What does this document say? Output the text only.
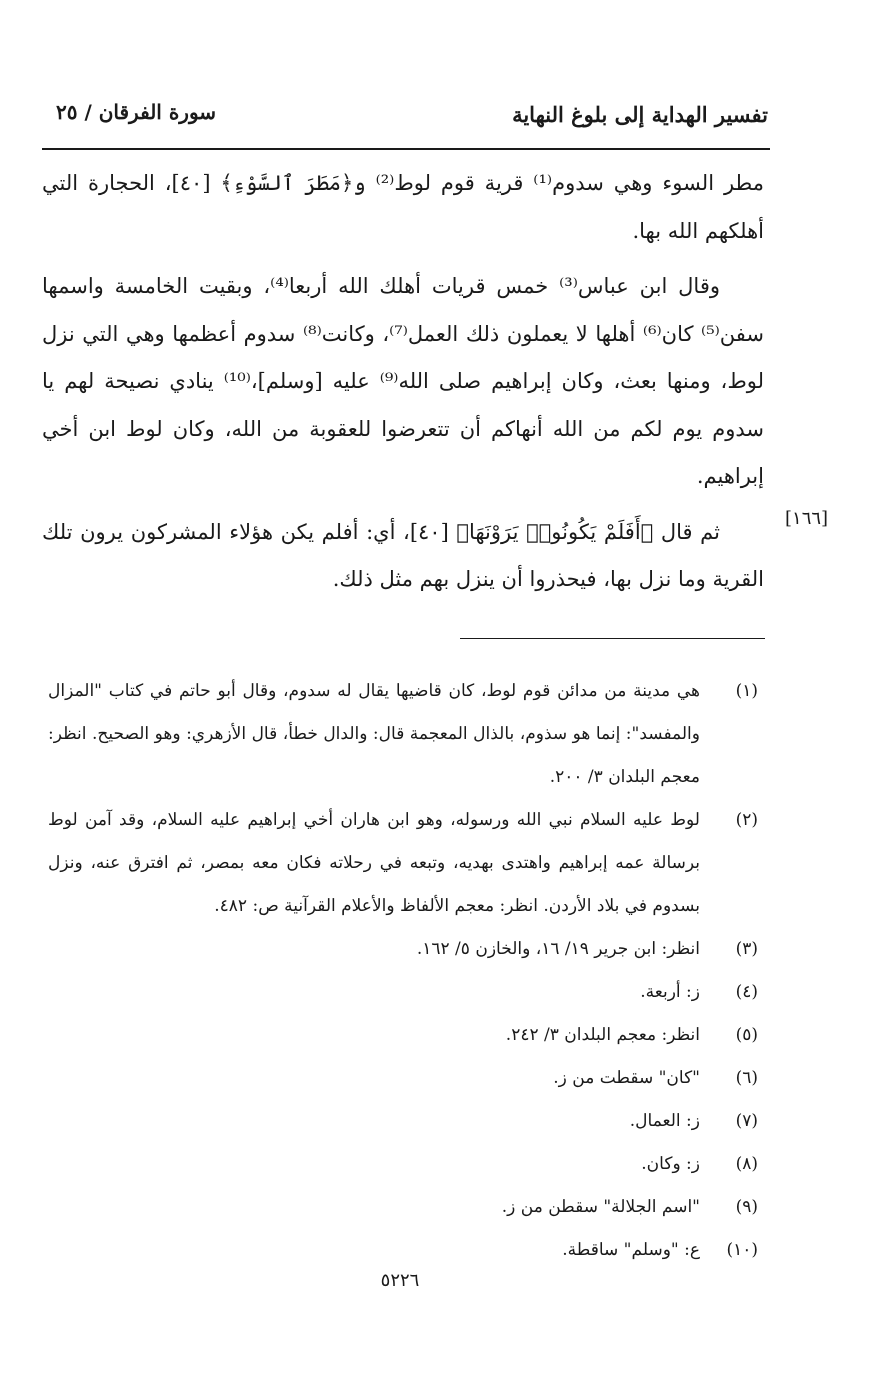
تفسير الهداية إلى بلوغ النهاية
سورة الفرقان / ٢٥
[١٦٦]

مطر السوء وهي سدوم⁽¹⁾ قرية قوم لوط⁽²⁾ و﴿مَطَرَ ٱلسَّوْءِ﴾ [٤٠]، الحجارة التي أهلكهم الله بها.

وقال ابن عباس⁽³⁾ خمس قريات أهلك الله أربعا⁽⁴⁾، وبقيت الخامسة واسمها سفن⁽⁵⁾ كان⁽⁶⁾ أهلها لا يعملون ذلك العمل⁽⁷⁾، وكانت⁽⁸⁾ سدوم أعظمها وهي التي نزل لوط، ومنها بعث، وكان إبراهيم صلى الله⁽⁹⁾ عليه [وسلم]،⁽¹⁰⁾ ينادي نصيحة لهم يا سدوم يوم لكم من الله أنهاكم أن تتعرضوا للعقوبة من الله، وكان لوط ابن أخي إبراهيم.

ثم قال ﴿أَفَلَمْ يَكُونُوا۟ يَرَوْنَهَا﴾ [٤٠]، أي: أفلم يكن هؤلاء المشركون يرون تلك القرية وما نزل بها، فيحذروا أن ينزل بهم مثل ذلك.

(١)
هي مدينة من مدائن قوم لوط، كان قاضيها يقال له سدوم، وقال أبو حاتم في كتاب "المزال والمفسد": إنما هو سذوم، بالذال المعجمة قال: والدال خطأ، قال الأزهري: وهو الصحيح. انظر: معجم البلدان ٣/ ٢٠٠.
(٢)
لوط عليه السلام نبي الله ورسوله، وهو ابن هاران أخي إبراهيم عليه السلام، وقد آمن لوط برسالة عمه إبراهيم واهتدى بهديه، وتبعه في رحلاته فكان معه بمصر، ثم افترق عنه، ونزل بسدوم في بلاد الأردن. انظر: معجم الألفاظ والأعلام القرآنية ص: ٤٨٢.
(٣)
انظر: ابن جرير ١٩/ ١٦، والخازن ٥/ ١٦٢.
(٤)
ز: أربعة.
(٥)
انظر: معجم البلدان ٣/ ٢٤٢.
(٦)
"كان" سقطت من ز.
(٧)
ز: العمال.
(٨)
ز: وكان.
(٩)
"اسم الجلالة" سقطن من ز.
(١٠)
ع: "وسلم" ساقطة.
٥٢٢٦
